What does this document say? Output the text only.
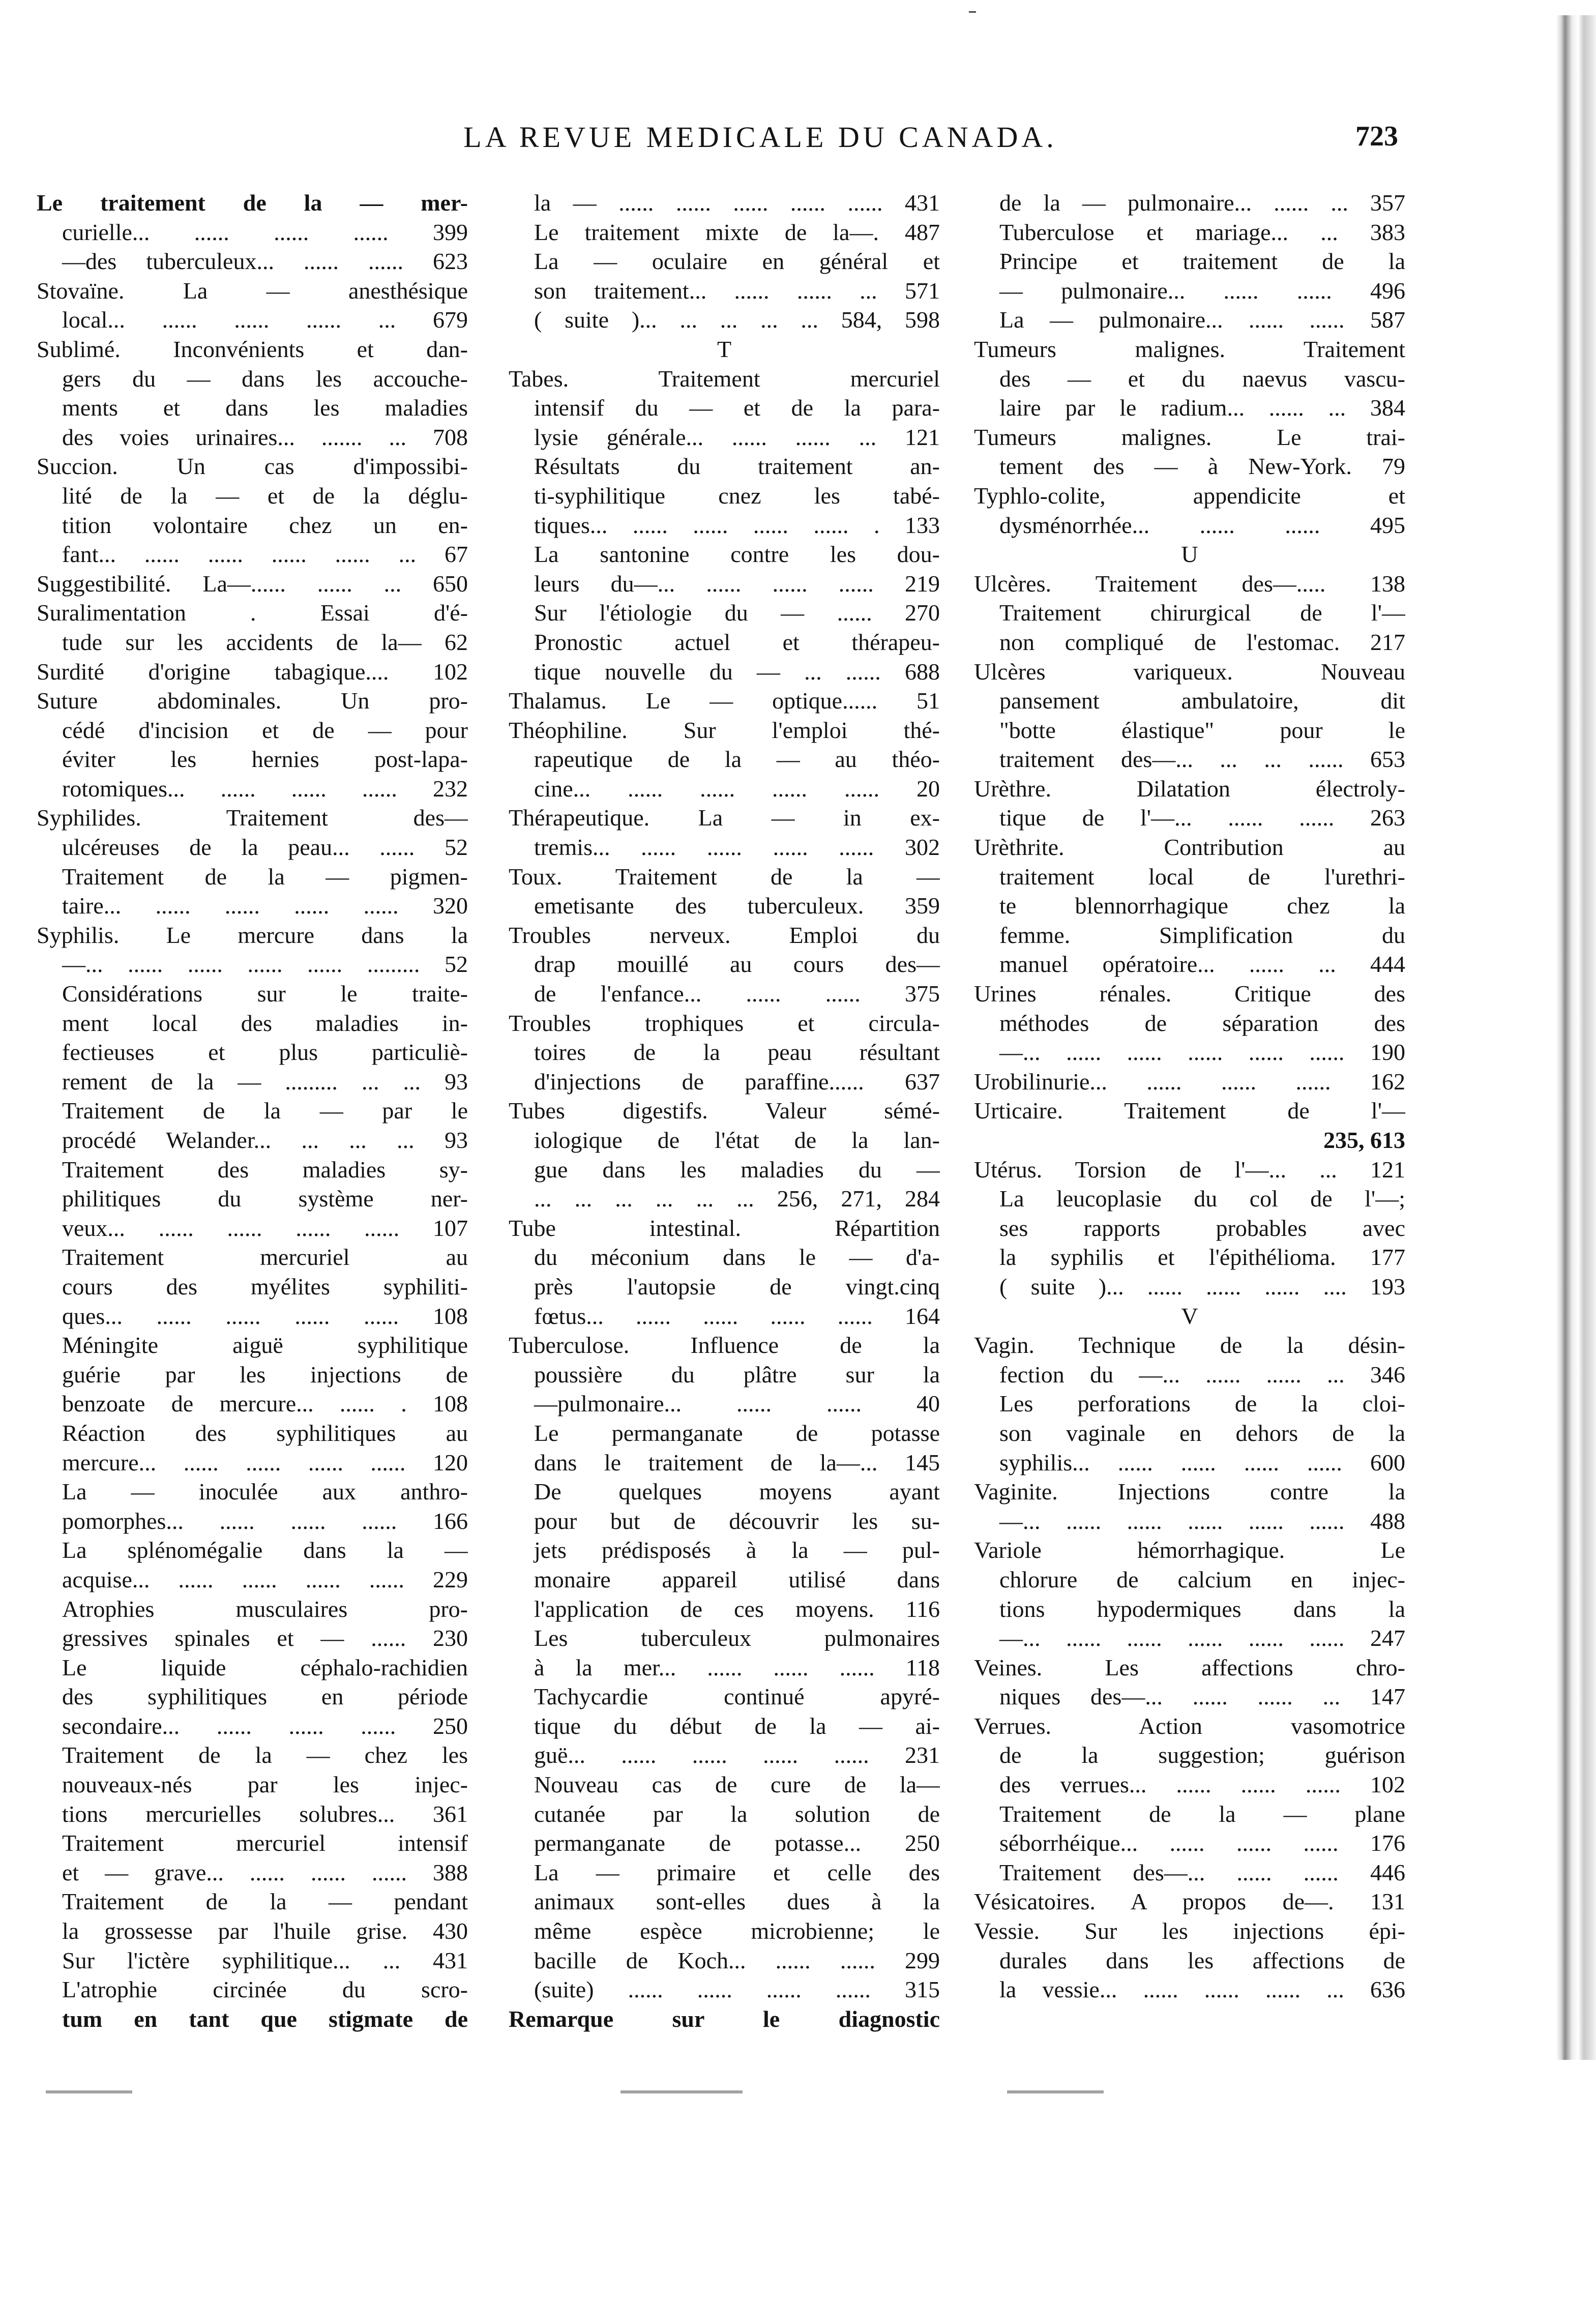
LA REVUE MEDICALE DU CANADA.	723
Le traitement de la — mer-
curielle... ...... ...... ...... 399
—des tuberculeux... ...... ...... 623
Stovaïne. La — anesthésique
local... ...... ...... ...... ... 679
Sublimé. Inconvénients et dan-
gers du — dans les accouche-
ments et dans les maladies
des voies urinaires... ....... ... 708
Succion. Un cas d'impossibi-
lité de la — et de la déglu-
tition volontaire chez un en-
fant... ...... ...... ...... ...... ... 67
Suggestibilité. La—...... ...... ... 650
Suralimentation . Essai d'é-
tude sur les accidents de la— 62
Surdité d'origine tabagique.... 102
Suture abdominales. Un pro-
cédé d'incision et de — pour
éviter les hernies post-lapa-
rotomiques... ...... ...... ...... 232
Syphilides. Traitement des—
ulcéreuses de la peau... ...... 52
Traitement de la — pigmen-
taire... ...... ...... ...... ...... 320
Syphilis. Le mercure dans la
—... ...... ...... ...... ...... ......... 52
Considérations sur le traite-
ment local des maladies in-
fectieuses et plus particuliè-
rement de la — ......... ... ... 93
Traitement de la — par le
procédé Welander... ... ... ... 93
Traitement des maladies sy-
philitiques du système ner-
veux... ...... ...... ...... ...... 107
Traitement mercuriel au
cours des myélites syphiliti-
ques... ...... ...... ...... ...... 108
Méningite aiguë syphilitique
guérie par les injections de
benzoate de mercure... ...... . 108
Réaction des syphilitiques au
mercure... ...... ...... ...... ...... 120
La — inoculée aux anthro-
pomorphes... ...... ...... ...... 166
La splénomégalie dans la —
acquise... ...... ...... ...... ...... 229
Atrophies musculaires pro-
gressives spinales et — ...... 230
Le liquide céphalo-rachidien
des syphilitiques en période
secondaire... ...... ...... ...... 250
Traitement de la — chez les
nouveaux-nés par les injec-
tions mercurielles solubres... 361
Traitement mercuriel intensif
et — grave... ...... ...... ...... 388
Traitement de la — pendant
la grossesse par l'huile grise. 430
Sur l'ictère syphilitique... ... 431
L'atrophie circinée du scro-
tum en tant que stigmate de
la — ...... ...... ...... ...... ...... 431
Le traitement mixte de la—. 487
La — oculaire en général et
son traitement... ...... ...... ... 571
( suite )... ... ... ... ... 584, 598
T
Tabes. Traitement mercuriel
intensif du — et de la para-
lysie générale... ...... ...... ... 121
Résultats du traitement an-
ti-syphilitique cnez les tabé-
tiques... ...... ...... ...... ...... . 133
La santonine contre les dou-
leurs du—... ...... ...... ...... 219
Sur l'étiologie du — ...... 270
Pronostic actuel et thérapeu-
tique nouvelle du — ... ...... 688
Thalamus. Le — optique...... 51
Théophiline. Sur l'emploi thé-
rapeutique de la — au théo-
cine... ...... ...... ...... ...... 20
Thérapeutique. La — in ex-
tremis... ...... ...... ...... ...... 302
Toux. Traitement de la —
emetisante des tuberculeux. 359
Troubles nerveux. Emploi du
drap mouillé au cours des—
de l'enfance... ...... ...... 375
Troubles trophiques et circula-
toires de la peau résultant
d'injections de paraffine...... 637
Tubes digestifs. Valeur sémé-
iologique de l'état de la lan-
gue dans les maladies du —
... ... ... ... ... ... 256, 271, 284
Tube intestinal. Répartition
du méconium dans le — d'a-
près l'autopsie de vingt.cinq
fœtus... ...... ...... ...... ...... 164
Tuberculose. Influence de la
poussière du plâtre sur la
—pulmonaire... ...... ...... 40
Le permanganate de potasse
dans le traitement de la—... 145
De quelques moyens ayant
pour but de découvrir les su-
jets prédisposés à la — pul-
monaire appareil utilisé dans
l'application de ces moyens. 116
Les tuberculeux pulmonaires
à la mer... ...... ...... ...... 118
Tachycardie continué apyré-
tique du début de la — ai-
guë... ...... ...... ...... ...... 231
Nouveau cas de cure de la—
cutanée par la solution de
permanganate de potasse... 250
La — primaire et celle des
animaux sont-elles dues à la
même espèce microbienne; le
bacille de Koch... ...... ...... 299
(suite) ...... ...... ...... ...... 315
Remarque sur le diagnostic
de la — pulmonaire... ...... ... 357
Tuberculose et mariage... ... 383
Principe et traitement de la
— pulmonaire... ...... ...... 496
La — pulmonaire... ...... ...... 587
Tumeurs malignes. Traitement
des — et du naevus vascu-
laire par le radium... ...... ... 384
Tumeurs malignes. Le trai-
tement des — à New-York. 79
Typhlo-colite, appendicite et
dysménorrhée... ...... ...... 495
U
Ulcères. Traitement des—..... 138
Traitement chirurgical de l'—
non compliqué de l'estomac. 217
Ulcères variqueux. Nouveau
pansement ambulatoire, dit
"botte élastique" pour le
traitement des—... ... ... ...... 653
Urèthre. Dilatation électroly-
tique de l'—... ...... ...... 263
Urèthrite. Contribution au
traitement local de l'urethri-
te blennorrhagique chez la
femme. Simplification du
manuel opératoire... ...... ... 444
Urines rénales. Critique des
méthodes de séparation des
—... ...... ...... ...... ...... ...... 190
Urobilinurie... ...... ...... ...... 162
Urticaire. Traitement de l'—
235, 613
Utérus. Torsion de l'—... ... 121
La leucoplasie du col de l'—;
ses rapports probables avec
la syphilis et l'épithélioma. 177
( suite )... ...... ...... ...... .... 193
V
Vagin. Technique de la désin-
fection du —... ...... ...... ... 346
Les perforations de la cloi-
son vaginale en dehors de la
syphilis... ...... ...... ...... ...... 600
Vaginite. Injections contre la
—... ...... ...... ...... ...... ...... 488
Variole hémorrhagique. Le
chlorure de calcium en injec-
tions hypodermiques dans la
—... ...... ...... ...... ...... ...... 247
Veines. Les affections chro-
niques des—... ...... ...... ... 147
Verrues. Action vasomotrice
de la suggestion; guérison
des verrues... ...... ...... ...... 102
Traitement de la — plane
séborrhéique... ...... ...... ...... 176
Traitement des—... ...... ...... 446
Vésicatoires. A propos de—. 131
Vessie. Sur les injections épi-
durales dans les affections de
la vessie... ...... ...... ...... ... 636
